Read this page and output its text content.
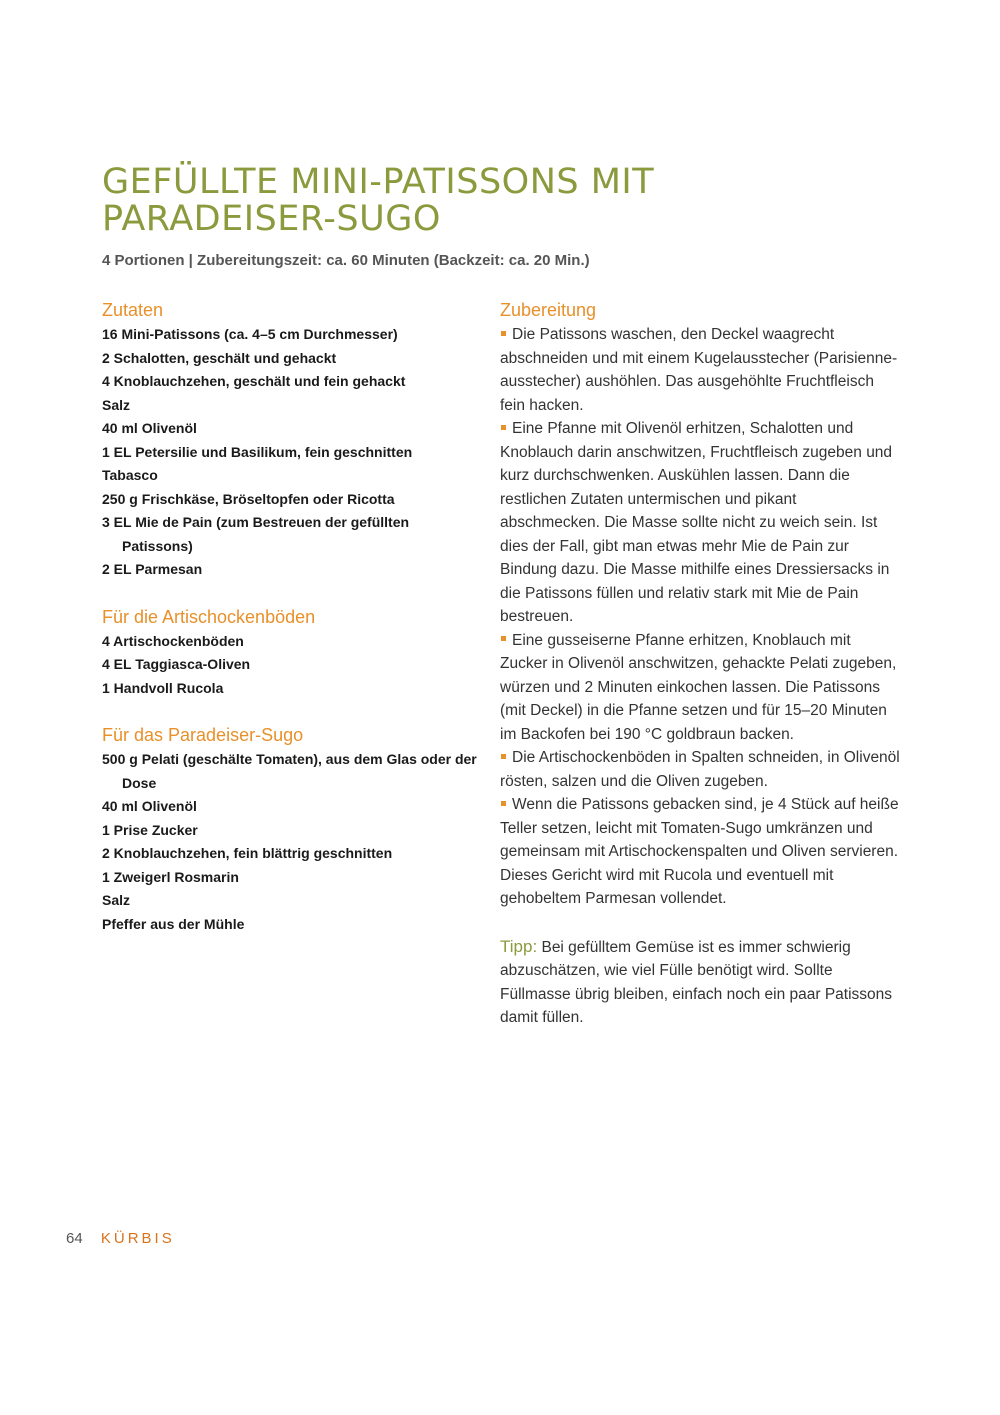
GEFÜLLTE MINI-PATISSONS MIT
PARADEISER-SUGO
4 Portionen | Zubereitungszeit: ca. 60 Minuten (Backzeit: ca. 20 Min.)
Zutaten
16 Mini-Patissons (ca. 4–5 cm Durchmesser)
2 Schalotten, geschält und gehackt
4 Knoblauchzehen, geschält und fein gehackt
Salz
40 ml Olivenöl
1 EL Petersilie und Basilikum, fein geschnitten
Tabasco
250 g Frischkäse, Bröseltopfen oder Ricotta
3 EL Mie de Pain (zum Bestreuen der gefüllten Patissons)
2 EL Parmesan
Für die Artischockenböden
4 Artischockenböden
4 EL Taggiasca-Oliven
1 Handvoll Rucola
Für das Paradeiser-Sugo
500 g Pelati (geschälte Tomaten), aus dem Glas oder der Dose
40 ml Olivenöl
1 Prise Zucker
2 Knoblauchzehen, fein blättrig geschnitten
1 Zweigerl Rosmarin
Salz
Pfeffer aus der Mühle
Zubereitung

Die Patissons waschen, den Deckel waagrecht abschneiden und mit einem Kugelausstecher (Parisienneausstecher) aushöhlen. Das ausgehöhlte Fruchtfleisch fein hacken.

Eine Pfanne mit Olivenöl erhitzen, Schalotten und Knoblauch darin anschwitzen, Fruchtfleisch zugeben und kurz durchschwenken. Auskühlen lassen. Dann die restlichen Zutaten untermischen und pikant abschmecken. Die Masse sollte nicht zu weich sein. Ist dies der Fall, gibt man etwas mehr Mie de Pain zur Bindung dazu. Die Masse mithilfe eines Dressiersacks in die Patissons füllen und relativ stark mit Mie de Pain bestreuen.

Eine gusseiserne Pfanne erhitzen, Knoblauch mit Zucker in Olivenöl anschwitzen, gehackte Pelati zugeben, würzen und 2 Minuten einkochen lassen. Die Patissons (mit Deckel) in die Pfanne setzen und für 15–20 Minuten im Backofen bei 190 °C goldbraun backen.

Die Artischockenböden in Spalten schneiden, in Olivenöl rösten, salzen und die Oliven zugeben.

Wenn die Patissons gebacken sind, je 4 Stück auf heiße Teller setzen, leicht mit Tomaten-Sugo umkränzen und gemeinsam mit Artischockenspalten und Oliven servieren. Dieses Gericht wird mit Rucola und eventuell mit gehobeltem Parmesan vollendet.

Tipp: Bei gefülltem Gemüse ist es immer schwierig abzuschätzen, wie viel Fülle benötigt wird. Sollte Füllmasse übrig bleiben, einfach noch ein paar Patissons damit füllen.

64 KÜRBIS
